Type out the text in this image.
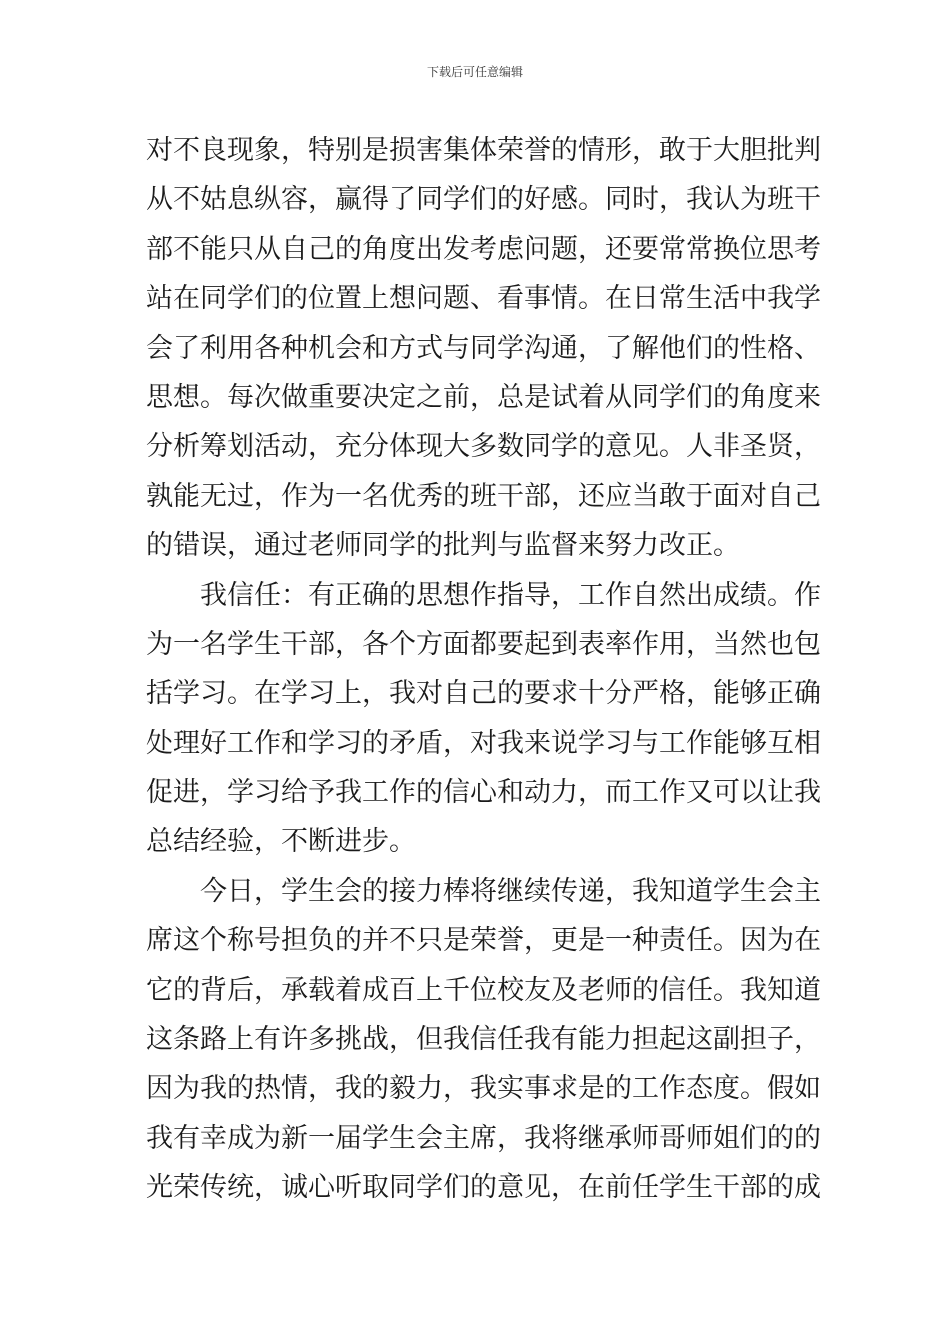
下载后可任意编辑
对不良现象，特别是损害集体荣誉的情形，敢于大胆批判
从不姑息纵容，赢得了同学们的好感。同时，我认为班干
部不能只从自己的角度出发考虑问题，还要常常换位思考
站在同学们的位置上想问题、看事情。在日常生活中我学
会了利用各种机会和方式与同学沟通，了解他们的性格、
思想。每次做重要决定之前，总是试着从同学们的角度来
分析筹划活动，充分体现大多数同学的意见。人非圣贤，
孰能无过，作为一名优秀的班干部，还应当敢于面对自己
的错误，通过老师同学的批判与监督来努力改正。
我信任：有正确的思想作指导，工作自然出成绩。作
为一名学生干部，各个方面都要起到表率作用，当然也包
括学习。在学习上，我对自己的要求十分严格，能够正确
处理好工作和学习的矛盾，对我来说学习与工作能够互相
促进，学习给予我工作的信心和动力，而工作又可以让我
总结经验，不断进步。
今日，学生会的接力棒将继续传递，我知道学生会主
席这个称号担负的并不只是荣誉，更是一种责任。因为在
它的背后，承载着成百上千位校友及老师的信任。我知道
这条路上有许多挑战，但我信任我有能力担起这副担子，
因为我的热情，我的毅力，我实事求是的工作态度。假如
我有幸成为新一届学生会主席，我将继承师哥师姐们的的
光荣传统，诚心听取同学们的意见，在前任学生干部的成
